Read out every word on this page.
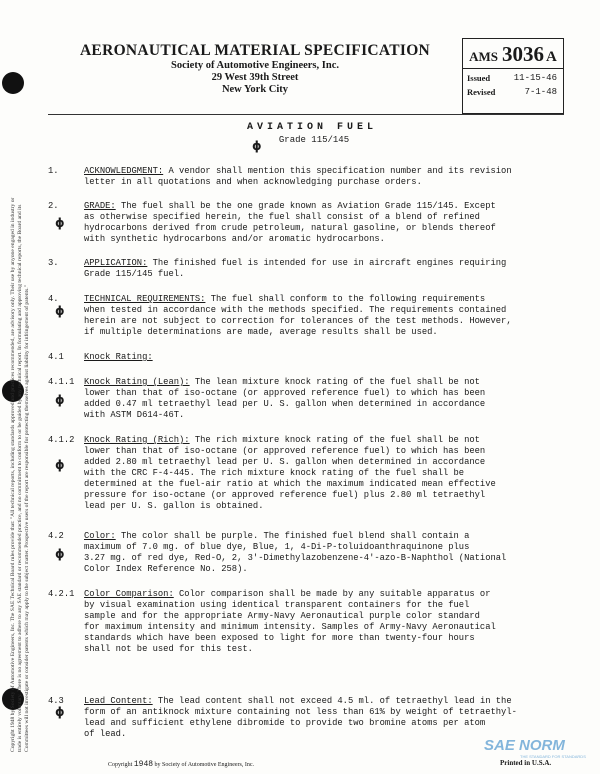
Copyright 1948 by Society of Automotive Engineers, Inc. The SAE Technical Board rules provide that: "All technical reports, including standards approved and practices recommended, are advisory only. Their use by anyone engaged in industry or trade is entirely voluntary. There is no agreement to adhere to any SAE standard or recommended practice, and no commitment to conform to or be guided by any technical report. In formulating and approving technical reports, the Board and its Committees will not investigate or consider patents which may apply to the subject matter. Prospective users of the report are responsible for protecting themselves against liability for infringement of patents."
AERONAUTICAL MATERIAL SPECIFICATION
Society of Automotive Engineers, Inc.
29 West 39th Street
New York City
AMS 3036 A
Issued	11-15-46
Revised	7-1-48
AVIATION FUEL
Grade 115/145
ɸ
ɸ
ɸ
ɸ
ɸ
ɸ
ɸ
1.	ACKNOWLEDGMENT: A vendor shall mention this specification number and its revision
letter in all quotations and when acknowledging purchase orders.
2.	GRADE: The fuel shall be the one grade known as Aviation Grade 115/145. Except
as otherwise specified herein, the fuel shall consist of a blend of refined
hydrocarbons derived from crude petroleum, natural gasoline, or blends thereof
with synthetic hydrocarbons and/or aromatic hydrocarbons.
3.	APPLICATION: The finished fuel is intended for use in aircraft engines requiring
Grade 115/145 fuel.
4.	TECHNICAL REQUIREMENTS: The fuel shall conform to the following requirements
when tested in accordance with the methods specified. The requirements contained
herein are not subject to correction for tolerances of the test methods. However,
if multiple determinations are made, average results shall be used.
4.1 Knock Rating:
4.1.1 Knock Rating (Lean): The lean mixture knock rating of the fuel shall be not
lower than that of iso-octane (or approved reference fuel) to which has been
added 0.47 ml tetraethyl lead per U. S. gallon when determined in accordance
with ASTM D614-46T.
4.1.2 Knock Rating (Rich): The rich mixture knock rating of the fuel shall be not
lower than that of iso-octane (or approved reference fuel) to which has been
added 2.80 ml tetraethyl lead per U. S. gallon when determined in accordance
with the CRC F-4-445. The rich mixture knock rating of the fuel shall be
determined at the fuel-air ratio at which the maximum indicated mean effective
pressure for iso-octane (or approved reference fuel) plus 2.80 ml tetraethyl
lead per U. S. gallon is obtained.
4.2 Color: The color shall be purple. The finished fuel blend shall contain a
maximum of 7.0 mg. of blue dye, Blue, 1, 4-Di-P-toluidoanthraquinone plus
3.27 mg. of red dye, Red-O, 2, 3'-Dimethylazobenzene-4'-azo-B-Naphthol (National
Color Index Reference No. 258).
4.2.1 Color Comparison: Color comparison shall be made by any suitable apparatus or
by visual examination using identical transparent containers for the fuel
sample and for the appropriate Army-Navy Aeronautical purple color standard
for maximum intensity and minimum intensity. Samples of Army-Navy Aeronautical
standards which have been exposed to light for more than twenty-four hours
shall not be used for this test.
4.3 Lead Content: The lead content shall not exceed 4.5 ml. of tetraethyl lead in the
form of an antiknock mixture containing not less than 61% by weight of tetraethyl-
lead and sufficient ethylene dibromide to provide two bromine atoms per atom
of lead.
Copyright 1948 by Society of Automotive Engineers, Inc.	Printed in U.S.A.
SAE NORM
THE STANDARD FOR STANDARDS
